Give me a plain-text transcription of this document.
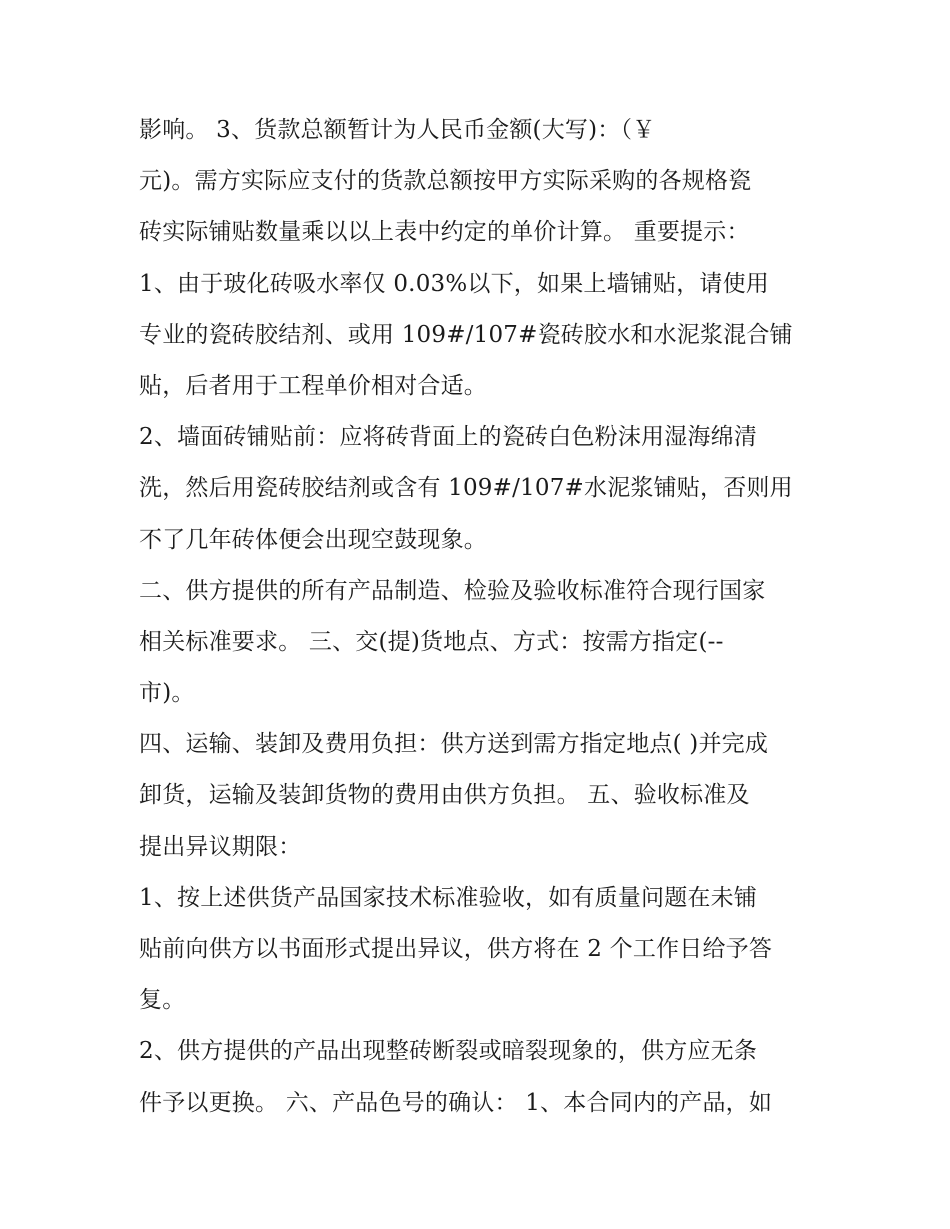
影响。 3、货款总额暂计为人民币金额(大写)：（￥
元)。需方实际应支付的货款总额按甲方实际采购的各规格瓷
砖实际铺贴数量乘以以上表中约定的单价计算。 重要提示：
1、由于玻化砖吸水率仅 0.03%以下，如果上墙铺贴，请使用
专业的瓷砖胶结剂、或用 109#/107#瓷砖胶水和水泥浆混合铺
贴，后者用于工程单价相对合适。
2、墙面砖铺贴前：应将砖背面上的瓷砖白色粉沫用湿海绵清
洗，然后用瓷砖胶结剂或含有 109#/107#水泥浆铺贴，否则用
不了几年砖体便会出现空鼓现象。
二、供方提供的所有产品制造、检验及验收标准符合现行国家
相关标准要求。 三、交(提)货地点、方式：按需方指定(--
市)。
四、运输、装卸及费用负担：供方送到需方指定地点( )并完成
卸货，运输及装卸货物的费用由供方负担。 五、验收标准及
提出异议期限：
1、按上述供货产品国家技术标准验收，如有质量问题在未铺
贴前向供方以书面形式提出异议，供方将在 2 个工作日给予答
复。
2、供方提供的产品出现整砖断裂或暗裂现象的，供方应无条
件予以更换。 六、产品色号的确认： 1、本合同内的产品，如
